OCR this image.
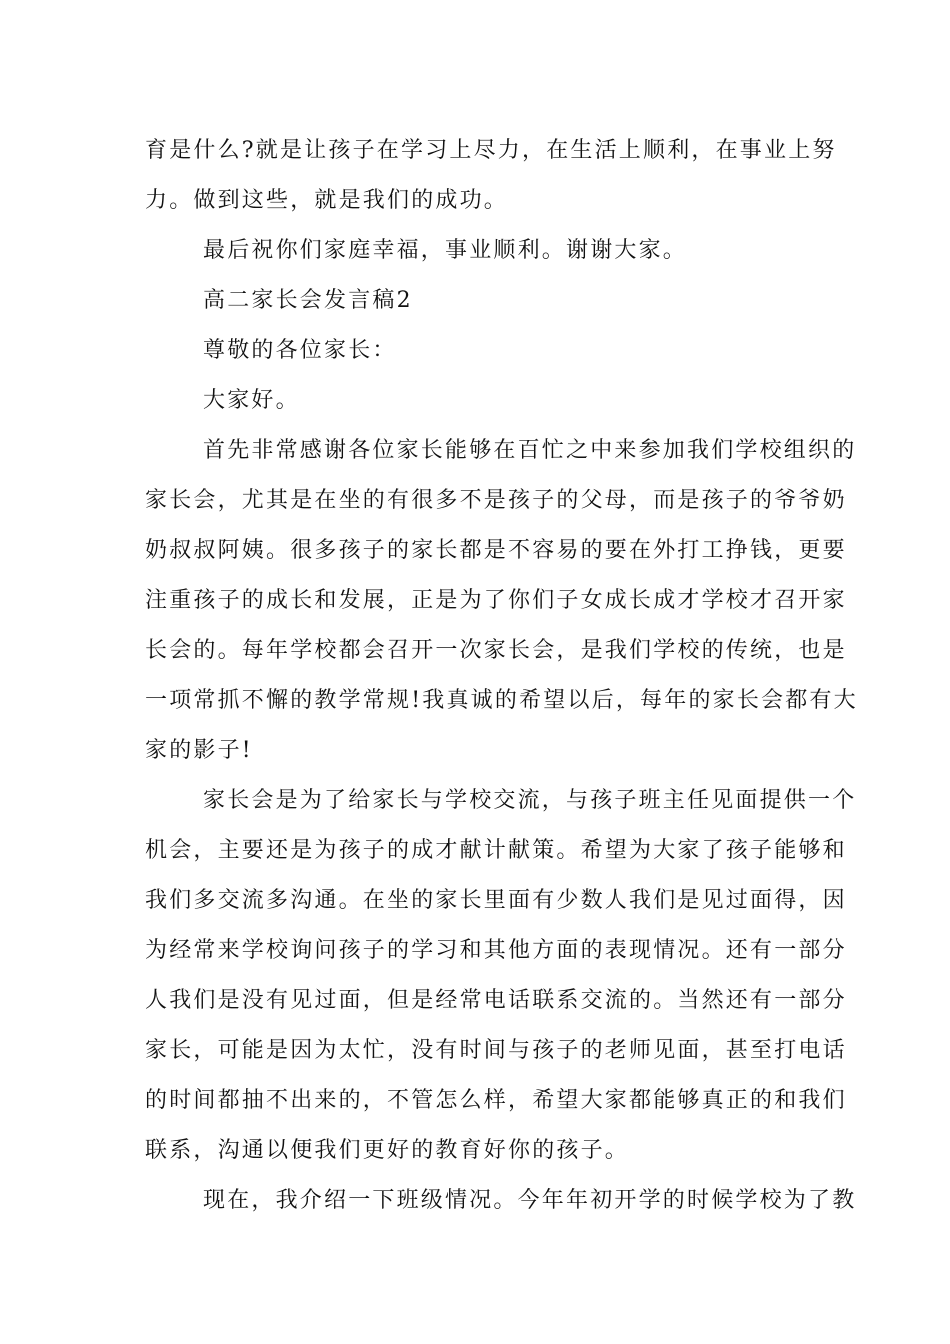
育是什么?就是让孩子在学习上尽力，在生活上顺利，在事业上努
力。做到这些，就是我们的成功。
最后祝你们家庭幸福，事业顺利。谢谢大家。
高二家长会发言稿2
尊敬的各位家长：
大家好。
首先非常感谢各位家长能够在百忙之中来参加我们学校组织的
家长会，尤其是在坐的有很多不是孩子的父母，而是孩子的爷爷奶
奶叔叔阿姨。很多孩子的家长都是不容易的要在外打工挣钱，更要
注重孩子的成长和发展，正是为了你们子女成长成才学校才召开家
长会的。每年学校都会召开一次家长会，是我们学校的传统，也是
一项常抓不懈的教学常规!我真诚的希望以后，每年的家长会都有大
家的影子!
家长会是为了给家长与学校交流，与孩子班主任见面提供一个
机会，主要还是为孩子的成才献计献策。希望为大家了孩子能够和
我们多交流多沟通。在坐的家长里面有少数人我们是见过面得，因
为经常来学校询问孩子的学习和其他方面的表现情况。还有一部分
人我们是没有见过面，但是经常电话联系交流的。当然还有一部分
家长，可能是因为太忙，没有时间与孩子的老师见面，甚至打电话
的时间都抽不出来的，不管怎么样，希望大家都能够真正的和我们
联系，沟通以便我们更好的教育好你的孩子。
现在，我介绍一下班级情况。今年年初开学的时候学校为了教
